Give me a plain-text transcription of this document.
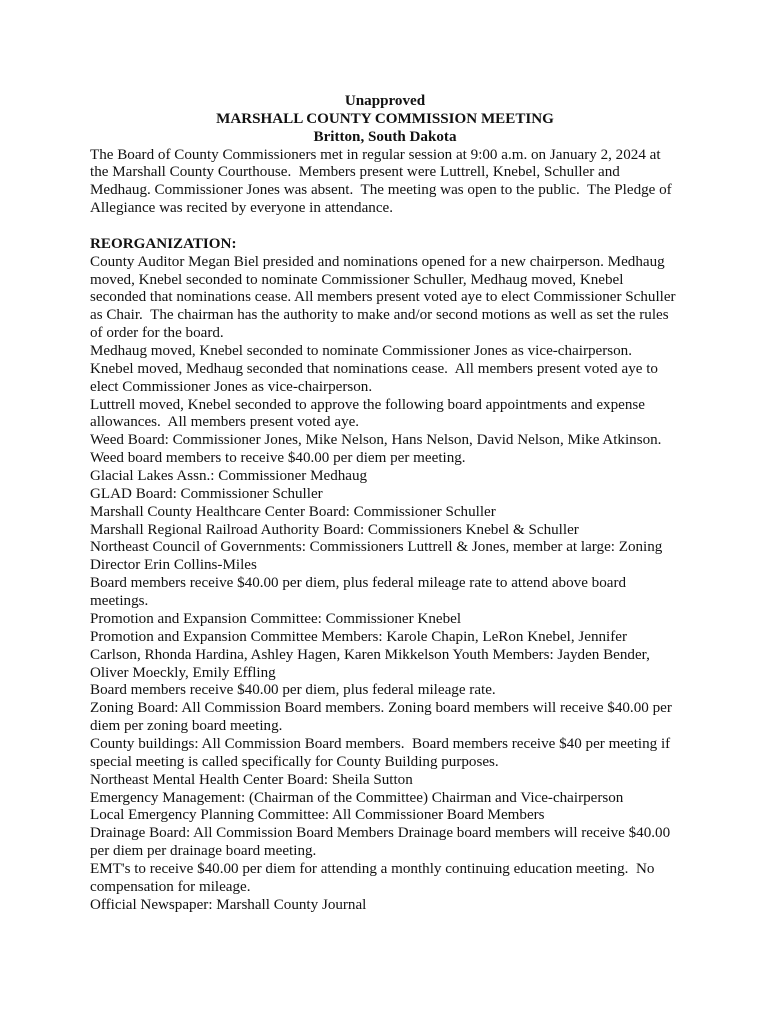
Unapproved
MARSHALL COUNTY COMMISSION MEETING
Britton, South Dakota
The Board of County Commissioners met in regular session at 9:00 a.m. on January 2, 2024 at
the Marshall County Courthouse.  Members present were Luttrell, Knebel, Schuller and
Medhaug. Commissioner Jones was absent.  The meeting was open to the public.  The Pledge of
Allegiance was recited by everyone in attendance.
REORGANIZATION:
County Auditor Megan Biel presided and nominations opened for a new chairperson. Medhaug
moved, Knebel seconded to nominate Commissioner Schuller, Medhaug moved, Knebel
seconded that nominations cease. All members present voted aye to elect Commissioner Schuller
as Chair.  The chairman has the authority to make and/or second motions as well as set the rules
of order for the board.
Medhaug moved, Knebel seconded to nominate Commissioner Jones as vice-chairperson.
Knebel moved, Medhaug seconded that nominations cease.  All members present voted aye to
elect Commissioner Jones as vice-chairperson.
Luttrell moved, Knebel seconded to approve the following board appointments and expense
allowances.  All members present voted aye.
Weed Board: Commissioner Jones, Mike Nelson, Hans Nelson, David Nelson, Mike Atkinson.
Weed board members to receive $40.00 per diem per meeting.
Glacial Lakes Assn.: Commissioner Medhaug
GLAD Board: Commissioner Schuller
Marshall County Healthcare Center Board: Commissioner Schuller
Marshall Regional Railroad Authority Board: Commissioners Knebel & Schuller
Northeast Council of Governments: Commissioners Luttrell & Jones, member at large: Zoning
Director Erin Collins-Miles
Board members receive $40.00 per diem, plus federal mileage rate to attend above board
meetings.
Promotion and Expansion Committee: Commissioner Knebel
Promotion and Expansion Committee Members: Karole Chapin, LeRon Knebel, Jennifer
Carlson, Rhonda Hardina, Ashley Hagen, Karen Mikkelson Youth Members: Jayden Bender,
Oliver Moeckly, Emily Effling
Board members receive $40.00 per diem, plus federal mileage rate.
Zoning Board: All Commission Board members. Zoning board members will receive $40.00 per
diem per zoning board meeting.
County buildings: All Commission Board members.  Board members receive $40 per meeting if
special meeting is called specifically for County Building purposes.
Northeast Mental Health Center Board: Sheila Sutton
Emergency Management: (Chairman of the Committee) Chairman and Vice-chairperson
Local Emergency Planning Committee: All Commissioner Board Members
Drainage Board: All Commission Board Members Drainage board members will receive $40.00
per diem per drainage board meeting.
EMT's to receive $40.00 per diem for attending a monthly continuing education meeting.  No
compensation for mileage.
Official Newspaper: Marshall County Journal
